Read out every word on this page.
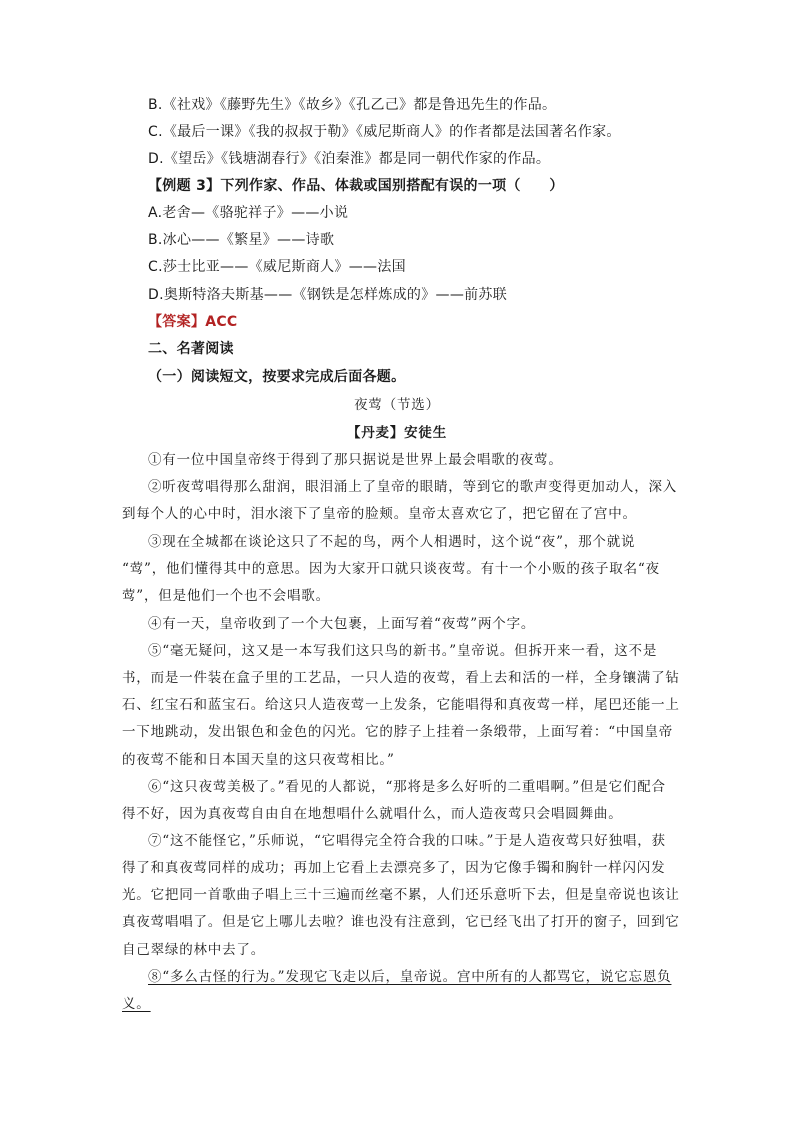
B.《社戏》《藤野先生》《故乡》《孔乙己》都是鲁迅先生的作品。
C.《最后一课》《我的叔叔于勒》《威尼斯商人》的作者都是法国著名作家。
D.《望岳》《钱塘湖春行》《泊秦淮》都是同一朝代作家的作品。
【例题 3】下列作家、作品、体裁或国别搭配有误的一项（　　）
A.老舍—《骆驼祥子》——小说
B.冰心——《繁星》——诗歌
C.莎士比亚——《威尼斯商人》——法国
D.奥斯特洛夫斯基——《钢铁是怎样炼成的》——前苏联
【答案】ACC
二、名著阅读
（一）阅读短文，按要求完成后面各题。
夜莺（节选）
【丹麦】安徒生
①有一位中国皇帝终于得到了那只据说是世界上最会唱歌的夜莺。
②听夜莺唱得那么甜润，眼泪涌上了皇帝的眼睛，等到它的歌声变得更加动人，深入
到每个人的心中时，泪水滚下了皇帝的脸颊。皇帝太喜欢它了，把它留在了宫中。
③现在全城都在谈论这只了不起的鸟，两个人相遇时，这个说“夜”，那个就说
“莺”，他们懂得其中的意思。因为大家开口就只谈夜莺。有十一个小贩的孩子取名“夜
莺”，但是他们一个也不会唱歌。
④有一天，皇帝收到了一个大包裹，上面写着“夜莺”两个字。
⑤“毫无疑问，这又是一本写我们这只鸟的新书。”皇帝说。但拆开来一看，这不是
书，而是一件装在盒子里的工艺品，一只人造的夜莺，看上去和活的一样，全身镶满了钻
石、红宝石和蓝宝石。给这只人造夜莺一上发条，它能唱得和真夜莺一样，尾巴还能一上
一下地跳动，发出银色和金色的闪光。它的脖子上挂着一条缎带，上面写着：“中国皇帝
的夜莺不能和日本国天皇的这只夜莺相比。”
⑥“这只夜莺美极了。”看见的人都说，“那将是多么好听的二重唱啊。”但是它们配合
得不好，因为真夜莺自由自在地想唱什么就唱什么，而人造夜莺只会唱圆舞曲。
⑦“这不能怪它，”乐师说，“它唱得完全符合我的口味。”于是人造夜莺只好独唱，获
得了和真夜莺同样的成功；再加上它看上去漂亮多了，因为它像手镯和胸针一样闪闪发
光。它把同一首歌曲子唱上三十三遍而丝毫不累，人们还乐意听下去，但是皇帝说也该让
真夜莺唱唱了。但是它上哪儿去啦？谁也没有注意到，它已经飞出了打开的窗子，回到它
自己翠绿的林中去了。
⑧“多么古怪的行为。”发现它飞走以后，皇帝说。宫中所有的人都骂它，说它忘恩负
义。
